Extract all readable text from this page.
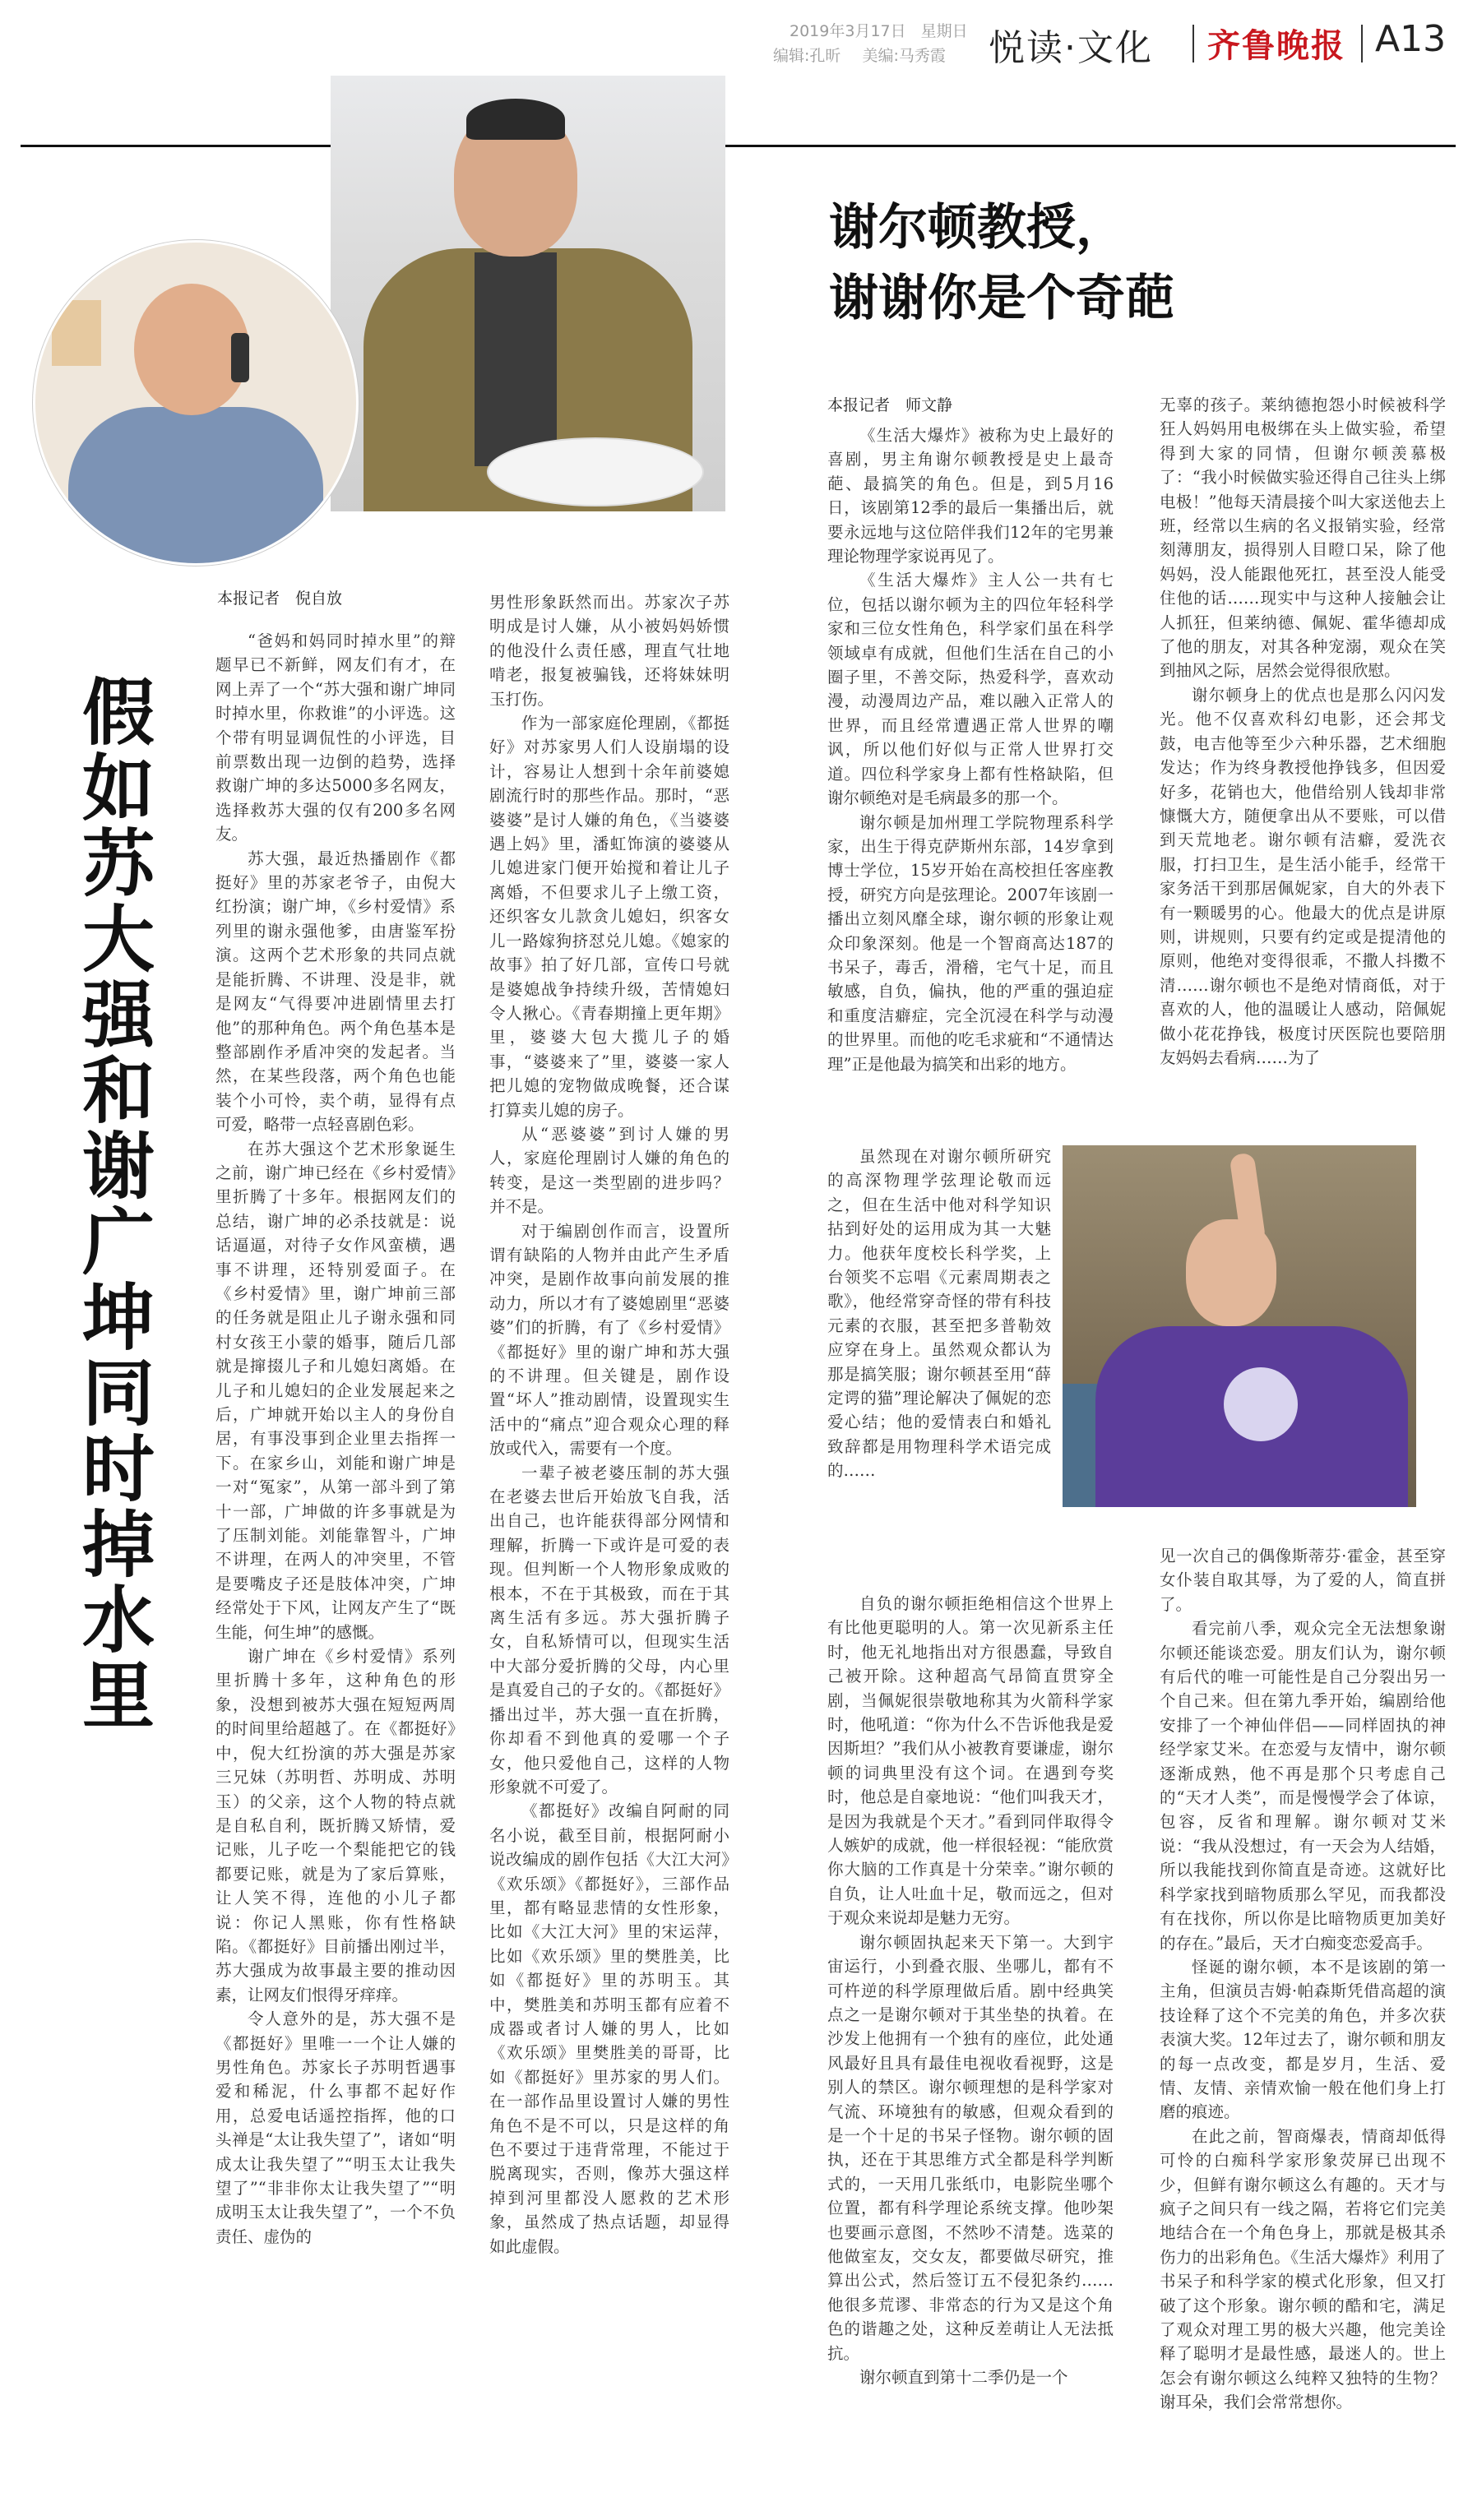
2019年3月17日 星期日
编辑:孔昕 美编:马秀霞	悦读·文化 齐鲁晚报 A13
假如苏大强和谢广坤同时掉水里
谢尔顿教授，
谢谢你是个奇葩
本报记者　倪自放
本报记者　师文静

“爸妈和妈同时掉水里”的辩题早已不新鲜，网友们有才，在网上弄了一个“苏大强和谢广坤同时掉水里，你救谁”的小评选。这个带有明显调侃性的小评选，目前票数出现一边倒的趋势，选择救谢广坤的多达5000多名网友，选择救苏大强的仅有200多名网友。

苏大强，最近热播剧作《都挺好》里的苏家老爷子，由倪大红扮演；谢广坤，《乡村爱情》系列里的谢永强他爹，由唐鉴军扮演。这两个艺术形象的共同点就是能折腾、不讲理、没是非，就是网友“气得要冲进剧情里去打他”的那种角色。两个角色基本是整部剧作矛盾冲突的发起者。当然，在某些段落，两个角色也能装个小可怜，卖个萌，显得有点可爱，略带一点轻喜剧色彩。

在苏大强这个艺术形象诞生之前，谢广坤已经在《乡村爱情》里折腾了十多年。根据网友们的总结，谢广坤的必杀技就是：说话逼逼，对待子女作风蛮横，遇事不讲理，还特别爱面子。在《乡村爱情》里，谢广坤前三部的任务就是阻止儿子谢永强和同村女孩王小蒙的婚事，随后几部就是撺掇儿子和儿媳妇离婚。在儿子和儿媳妇的企业发展起来之后，广坤就开始以主人的身份自居，有事没事到企业里去指挥一下。在家乡山，刘能和谢广坤是一对“冤家”，从第一部斗到了第十一部，广坤做的许多事就是为了压制刘能。刘能靠智斗，广坤不讲理，在两人的冲突里，不管是要嘴皮子还是肢体冲突，广坤经常处于下风，让网友产生了“既生能，何生坤”的感慨。

谢广坤在《乡村爱情》系列里折腾十多年，这种角色的形象，没想到被苏大强在短短两周的时间里给超越了。在《都挺好》中，倪大红扮演的苏大强是苏家三兄妹（苏明哲、苏明成、苏明玉）的父亲，这个人物的特点就是自私自利，既折腾又矫情，爱记账，儿子吃一个梨能把它的钱都要记账，就是为了家后算账，让人笑不得，连他的小儿子都说：你记人黑账，你有性格缺陷。《都挺好》目前播出刚过半，苏大强成为故事最主要的推动因素，让网友们恨得牙痒痒。

令人意外的是，苏大强不是《都挺好》里唯一一个让人嫌的男性角色。苏家长子苏明哲遇事爱和稀泥，什么事都不起好作用，总爱电话遥控指挥，他的口头禅是“太让我失望了”，诸如“明成太让我失望了”“明玉太让我失望了”“非非你太让我失望了”“明成明玉太让我失望了”，一个不负责任、虚伪的

男性形象跃然而出。苏家次子苏明成是讨人嫌，从小被妈妈娇惯的他没什么责任感，理直气壮地啃老，报复被骗钱，还将妹妹明玉打伤。

作为一部家庭伦理剧，《都挺好》对苏家男人们人设崩塌的设计，容易让人想到十余年前婆媳剧流行时的那些作品。那时，“恶婆婆”是讨人嫌的角色，《当婆婆遇上妈》里，潘虹饰演的婆婆从儿媳进家门便开始搅和着让儿子离婚，不但要求儿子上缴工资，还织客女儿款贪儿媳妇，织客女儿一路嫁狗挤怼兑儿媳。《媳家的故事》拍了好几部，宣传口号就是婆媳战争持续升级，苦情媳妇令人揪心。《青春期撞上更年期》里，婆婆大包大揽儿子的婚事，“婆婆来了”里，婆婆一家人把儿媳的宠物做成晚餐，还合谋打算卖儿媳的房子。

从“恶婆婆”到讨人嫌的男人，家庭伦理剧讨人嫌的角色的转变，是这一类型剧的进步吗？并不是。

对于编剧创作而言，设置所谓有缺陷的人物并由此产生矛盾冲突，是剧作故事向前发展的推动力，所以才有了婆媳剧里“恶婆婆”们的折腾，有了《乡村爱情》《都挺好》里的谢广坤和苏大强的不讲理。但关键是，剧作设置“坏人”推动剧情，设置现实生活中的“痛点”迎合观众心理的释放或代入，需要有一个度。

一辈子被老婆压制的苏大强在老婆去世后开始放飞自我，活出自己，也许能获得部分网情和理解，折腾一下或许是可爱的表现。但判断一个人物形象成败的根本，不在于其极致，而在于其离生活有多远。苏大强折腾子女，自私矫情可以，但现实生活中大部分爱折腾的父母，内心里是真爱自己的子女的。《都挺好》播出过半，苏大强一直在折腾，你却看不到他真的爱哪一个子女，他只爱他自己，这样的人物形象就不可爱了。

《都挺好》改编自阿耐的同名小说，截至目前，根据阿耐小说改编成的剧作包括《大江大河》《欢乐颂》《都挺好》，三部作品里，都有略显悲情的女性形象，比如《大江大河》里的宋运萍，比如《欢乐颂》里的樊胜美，比如《都挺好》里的苏明玉。其中，樊胜美和苏明玉都有应着不成器或者讨人嫌的男人，比如《欢乐颂》里樊胜美的哥哥，比如《都挺好》里苏家的男人们。在一部作品里设置讨人嫌的男性角色不是不可以，只是这样的角色不要过于违背常理，不能过于脱离现实，否则，像苏大强这样掉到河里都没人愿救的艺术形象，虽然成了热点话题，却显得如此虚假。

《生活大爆炸》被称为史上最好的喜剧，男主角谢尔顿教授是史上最奇葩、最搞笑的角色。但是，到5月16日，该剧第12季的最后一集播出后，就要永远地与这位陪伴我们12年的宅男兼理论物理学家说再见了。

《生活大爆炸》主人公一共有七位，包括以谢尔顿为主的四位年轻科学家和三位女性角色，科学家们虽在科学领域卓有成就，但他们生活在自己的小圈子里，不善交际，热爱科学，喜欢动漫，动漫周边产品，难以融入正常人的世界，而且经常遭遇正常人世界的嘲讽，所以他们好似与正常人世界打交道。四位科学家身上都有性格缺陷，但谢尔顿绝对是毛病最多的那一个。

谢尔顿是加州理工学院物理系科学家，出生于得克萨斯州东部，14岁拿到博士学位，15岁开始在高校担任客座教授，研究方向是弦理论。2007年该剧一播出立刻风靡全球，谢尔顿的形象让观众印象深刻。他是一个智商高达187的书呆子，毒舌，滑稽，宅气十足，而且敏感，自负，偏执，他的严重的强迫症和重度洁癖症，完全沉浸在科学与动漫的世界里。而他的吃毛求疵和“不通情达理”正是他最为搞笑和出彩的地方。

虽然现在对谢尔顿所研究的高深物理学弦理论敬而远之，但在生活中他对科学知识拈到好处的运用成为其一大魅力。他获年度校长科学奖，上台领奖不忘唱《元素周期表之歌》，他经常穿奇怪的带有科技元素的衣服，甚至把多普勒效应穿在身上。虽然观众都认为那是搞笑服；谢尔顿甚至用“薛定谔的猫”理论解决了佩妮的恋爱心结；他的爱情表白和婚礼致辞都是用物理科学术语完成的……

自负的谢尔顿拒绝相信这个世界上有比他更聪明的人。第一次见新系主任时，他无礼地指出对方很愚蠢，导致自己被开除。这种超高气昂简直贯穿全剧，当佩妮很崇敬地称其为火箭科学家时，他吼道：“你为什么不告诉他我是爱因斯坦？”我们从小被教育要谦虚，谢尔顿的词典里没有这个词。在遇到夸奖时，他总是自豪地说：“他们叫我天才，是因为我就是个天才。”看到同伴取得令人嫉妒的成就，他一样很轻视：“能欣赏你大脑的工作真是十分荣幸。”谢尔顿的自负，让人吐血十足，敬而远之，但对于观众来说却是魅力无穷。

谢尔顿固执起来天下第一。大到宇宙运行，小到叠衣服、坐哪儿，都有不可杵逆的科学原理做后盾。剧中经典笑点之一是谢尔顿对于其坐垫的执着。在沙发上他拥有一个独有的座位，此处通风最好且具有最佳电视收看视野，这是别人的禁区。谢尔顿理想的是科学家对气流、环境独有的敏感，但观众看到的是一个十足的书呆子怪物。谢尔顿的固执，还在于其思维方式全都是科学判断式的，一天用几张纸巾，电影院坐哪个位置，都有科学理论系统支撑。他吵架也要画示意图，不然吵不清楚。选菜的他做室友，交女友，都要做尽研究，推算出公式，然后签订五不侵犯条约……他很多荒谬、非常态的行为又是这个角色的谐趣之处，这种反差萌让人无法抵抗。

谢尔顿直到第十二季仍是一个

无辜的孩子。莱纳德抱怨小时候被科学狂人妈妈用电极绑在头上做实验，希望得到大家的同情，但谢尔顿羡慕极了：“我小时候做实验还得自己往头上绑电极！”他每天清晨接个叫大家送他去上班，经常以生病的名义报销实验，经常刻薄朋友，损得别人目瞪口呆，除了他妈妈，没人能跟他死扛，甚至没人能受住他的话……现实中与这种人接触会让人抓狂，但莱纳德、佩妮、霍华德却成了他的朋友，对其各种宠溺，观众在笑到抽风之际，居然会觉得很欣慰。

谢尔顿身上的优点也是那么闪闪发光。他不仅喜欢科幻电影，还会邦戈鼓，电吉他等至少六种乐器，艺术细胞发达；作为终身教授他挣钱多，但因爱好多，花销也大，他借给别人钱却非常慷慨大方，随便拿出从不要账，可以借到天荒地老。谢尔顿有洁癖，爱洗衣服，打扫卫生，是生活小能手，经常干家务活干到那居佩妮家，自大的外表下有一颗暖男的心。他最大的优点是讲原则，讲规则，只要有约定或是提清他的原则，他绝对变得很乖，不撒人抖擞不清……谢尔顿也不是绝对情商低，对于喜欢的人，他的温暖让人感动，陪佩妮做小花花挣钱，极度讨厌医院也要陪朋友妈妈去看病……为了

见一次自己的偶像斯蒂芬·霍金，甚至穿女仆装自取其辱，为了爱的人，简直拼了。

看完前八季，观众完全无法想象谢尔顿还能谈恋爱。朋友们认为，谢尔顿有后代的唯一可能性是自己分裂出另一个自己来。但在第九季开始，编剧给他安排了一个神仙伴侣——同样固执的神经学家艾米。在恋爱与友情中，谢尔顿逐渐成熟，他不再是那个只考虑自己的“天才人类”，而是慢慢学会了体谅，包容，反省和理解。谢尔顿对艾米说：“我从没想过，有一天会为人结婚，所以我能找到你简直是奇迹。这就好比科学家找到暗物质那么罕见，而我都没有在找你，所以你是比暗物质更加美好的存在。”最后，天才白痴变恋爱高手。

怪诞的谢尔顿，本不是该剧的第一主角，但演员吉姆·帕森斯凭借高超的演技诠释了这个不完美的角色，并多次获表演大奖。12年过去了，谢尔顿和朋友的每一点改变，都是岁月，生活、爱情、友情、亲情欢愉一般在他们身上打磨的痕迹。

在此之前，智商爆表，情商却低得可怜的白痴科学家形象荧屏已出现不少，但鲜有谢尔顿这么有趣的。天才与疯子之间只有一线之隔，若将它们完美地结合在一个角色身上，那就是极其杀伤力的出彩角色。《生活大爆炸》利用了书呆子和科学家的模式化形象，但又打破了这个形象。谢尔顿的酷和宅，满足了观众对理工男的极大兴趣，他完美诠释了聪明才是最性感，最迷人的。世上怎会有谢尔顿这么纯粹又独特的生物？谢耳朵，我们会常常想你。
